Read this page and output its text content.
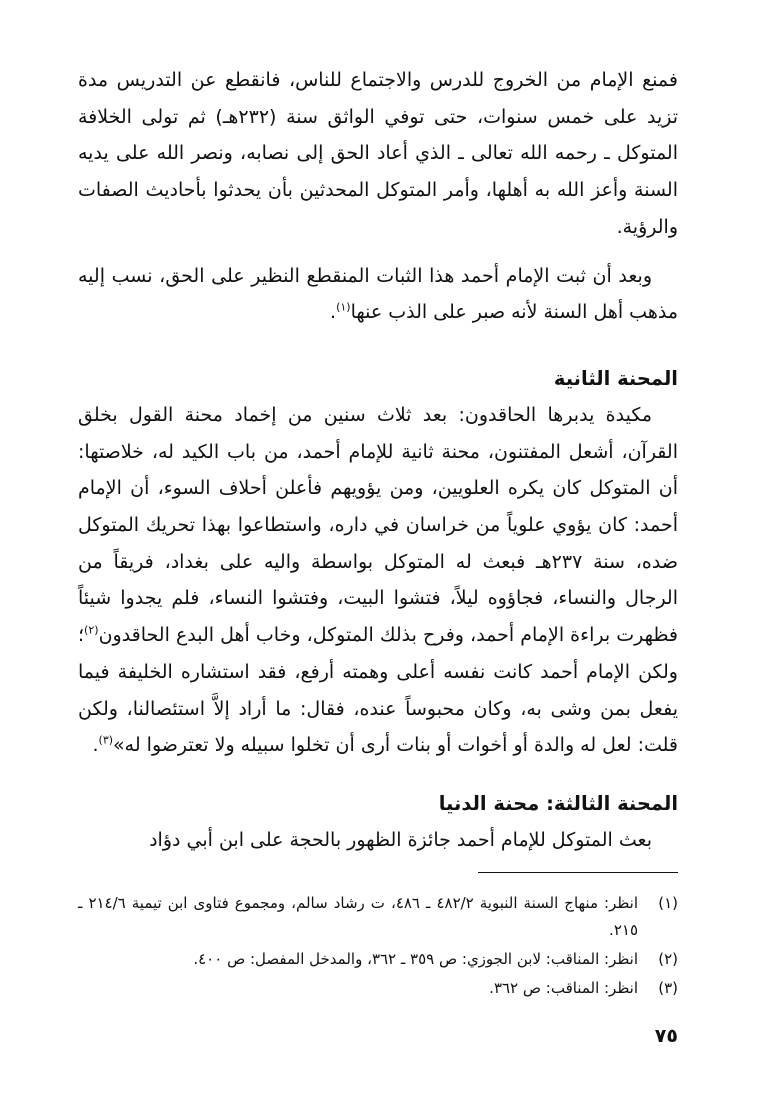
فمنع الإمام من الخروج للدرس والاجتماع للناس، فانقطع عن التدريس مدة تزيد على خمس سنوات، حتى توفي الواثق سنة (٢٣٢هـ) ثم تولى الخلافة المتوكل ـ رحمه الله تعالى ـ الذي أعاد الحق إلى نصابه، ونصر الله على يديه السنة وأعز الله به أهلها، وأمر المتوكل المحدثين بأن يحدثوا بأحاديث الصفات والرؤية.

وبعد أن ثبت الإمام أحمد هذا الثبات المنقطع النظير على الحق، نسب إليه مذهب أهل السنة لأنه صبر على الذب عنها$^{(١)}$.

المحنة الثانية

مكيدة يدبرها الحاقدون: بعد ثلاث سنين من إخماد محنة القول بخلق القرآن، أشعل المفتنون، محنة ثانية للإمام أحمد، من باب الكيد له، خلاصتها: أن المتوكل كان يكره العلويين، ومن يؤويهم فأعلن أحلاف السوء، أن الإمام أحمد: كان يؤوي علوياً من خراسان في داره، واستطاعوا بهذا تحريك المتوكل ضده، سنة ٢٣٧هـ فبعث له المتوكل بواسطة واليه على بغداد، فريقاً من الرجال والنساء، فجاؤوه ليلاً، فتشوا البيت، وفتشوا النساء، فلم يجدوا شيئاً فظهرت براءة الإمام أحمد، وفرح بذلك المتوكل، وخاب أهل البدع الحاقدون$^{(٢)}$؛ ولكن الإمام أحمد كانت نفسه أعلى وهمته أرفع، فقد استشاره الخليفة فيما يفعل بمن وشى به، وكان محبوساً عنده، فقال: ما أراد إلاَّ استئصالنا، ولكن قلت: لعل له والدة أو أخوات أو بنات أرى أن تخلوا سبيله ولا تعترضوا له»$^{(٣)}$.

المحنة الثالثة: محنة الدنيا

بعث المتوكل للإمام أحمد جائزة الظهور بالحجة على ابن أبي دؤاد

(١)
انظر: منهاج السنة النبوية ٤٨٢/٢ ـ ٤٨٦، ت رشاد سالم، ومجموع فتاوى ابن تيمية ٢١٤/٦ ـ ٢١٥.

(٢)
انظر: المناقب: لابن الجوزي: ص ٣٥٩ ـ ٣٦٢، والمدخل المفصل: ص ٤٠٠.

(٣)
انظر: المناقب: ص ٣٦٢.

٧٥
